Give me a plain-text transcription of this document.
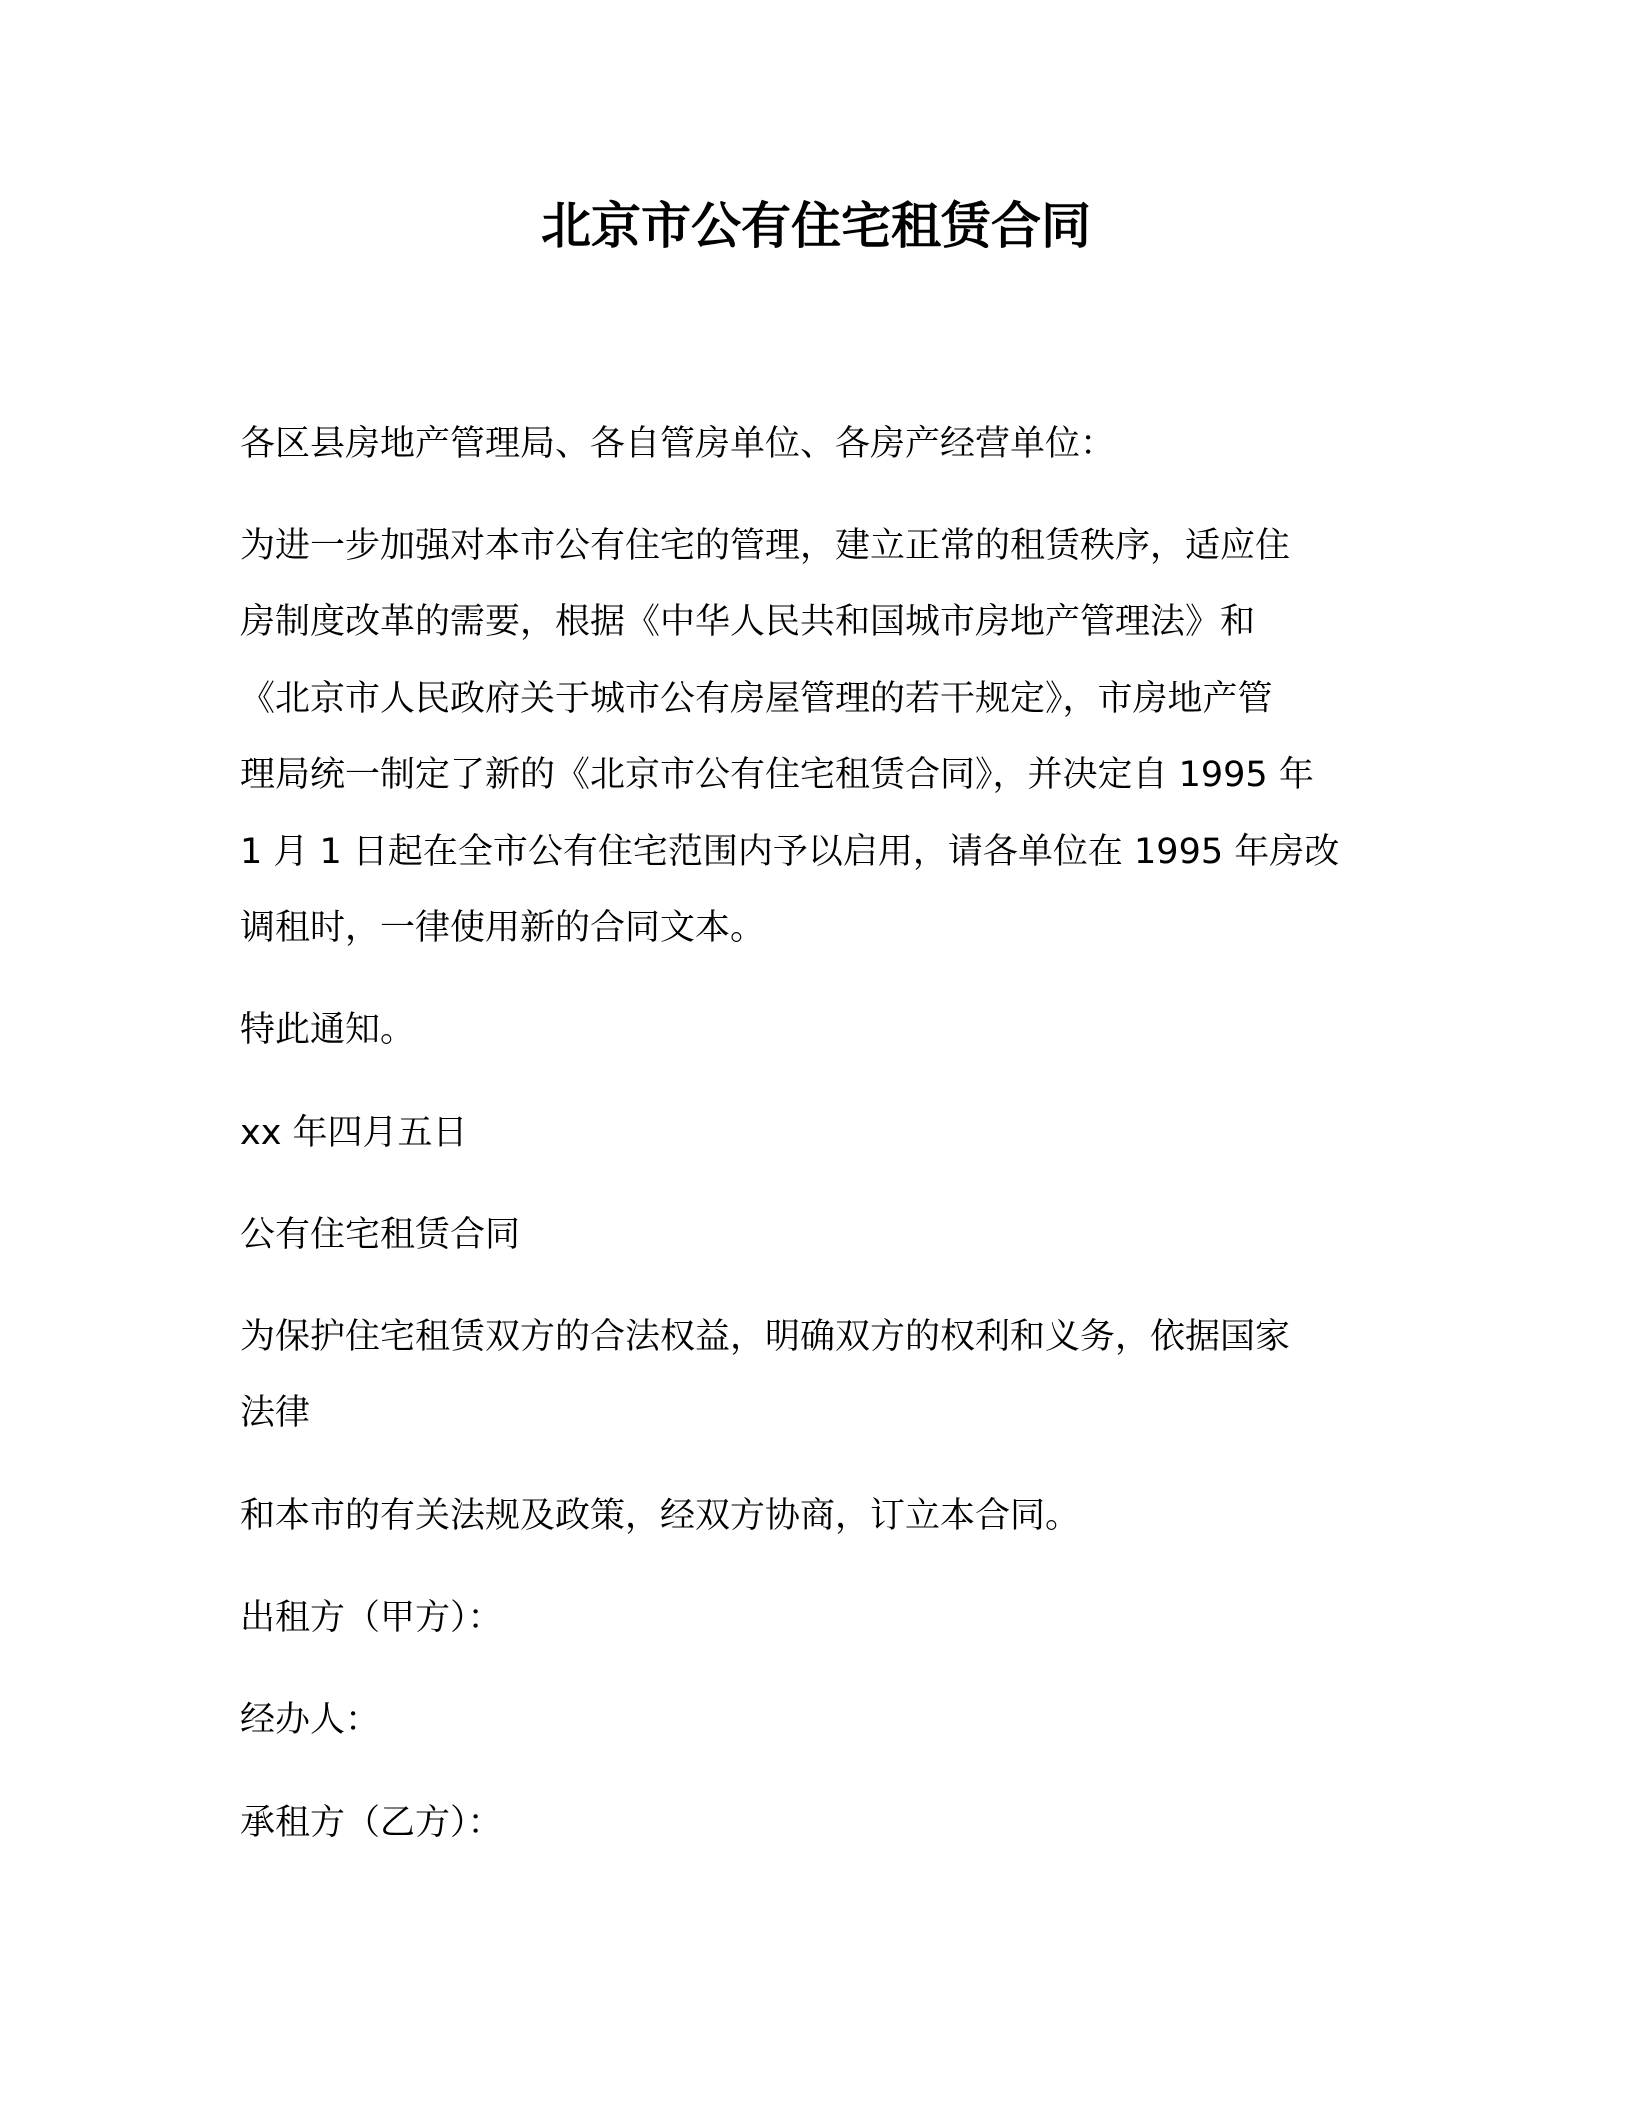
北京市公有住宅租赁合同

各区县房地产管理局、各自管房单位、各房产经营单位：

为进一步加强对本市公有住宅的管理，建立正常的租赁秩序，适应住

房制度改革的需要，根据《中华人民共和国城市房地产管理法》和

《北京市人民政府关于城市公有房屋管理的若干规定》，市房地产管

理局统一制定了新的《北京市公有住宅租赁合同》，并决定自 1995 年

1 月 1 日起在全市公有住宅范围内予以启用，请各单位在 1995 年房改

调租时，一律使用新的合同文本。

特此通知。

xx 年四月五日

公有住宅租赁合同

为保护住宅租赁双方的合法权益，明确双方的权利和义务，依据国家

法律

和本市的有关法规及政策，经双方协商，订立本合同。

出租方（甲方）：

经办人：

承租方（乙方）：
